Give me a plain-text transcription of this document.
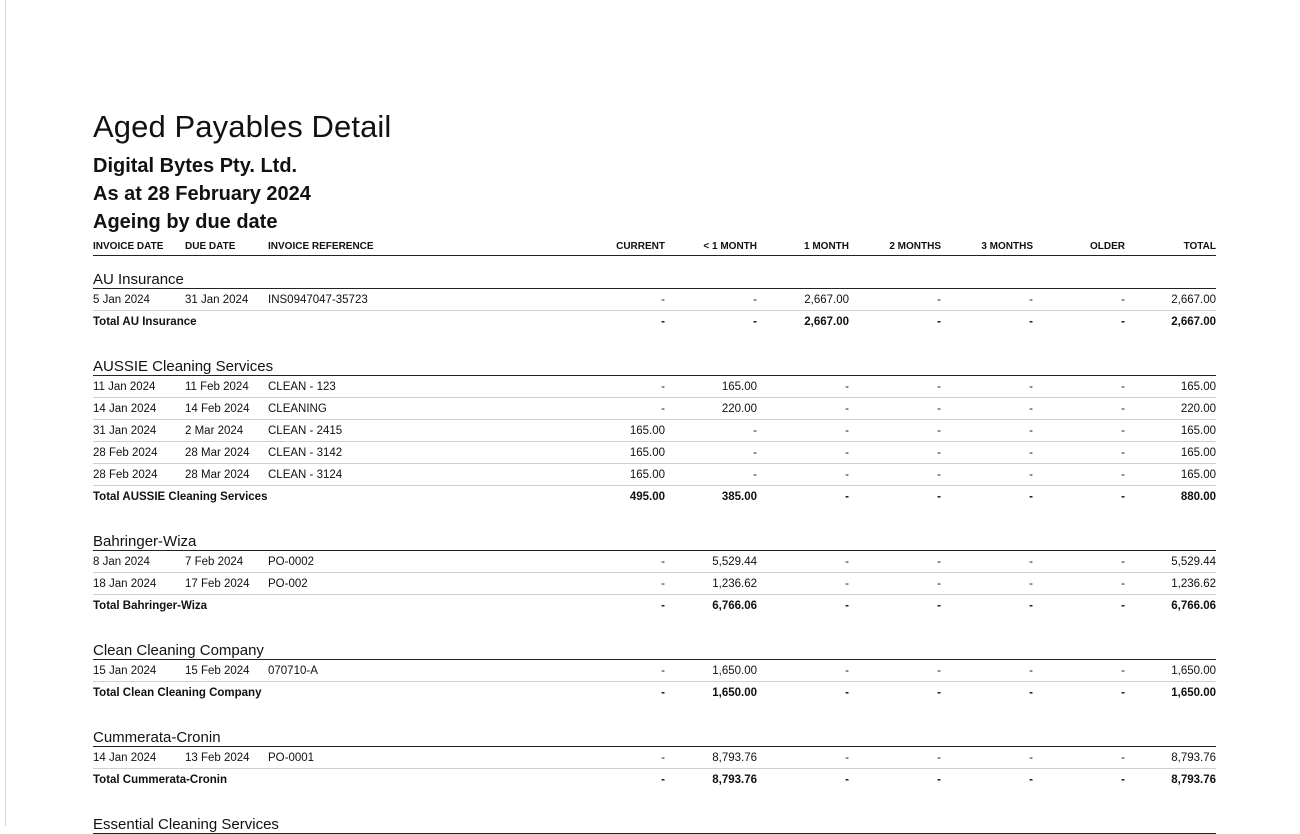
Aged Payables Detail
Digital Bytes Pty. Ltd.
As at 28 February 2024
Ageing by due date
INVOICE DATE	DUE DATE	INVOICE REFERENCE	CURRENT	< 1 MONTH	1 MONTH	2 MONTHS	3 MONTHS	OLDER	TOTAL
AU Insurance									
5 Jan 2024	31 Jan 2024	INS0947047-35723	-	-	2,667.00	-	-	-	2,667.00
Total AU Insurance			-	-	2,667.00	-	-	-	2,667.00

AUSSIE Cleaning Services									
11 Jan 2024	11 Feb 2024	CLEAN - 123	-	165.00	-	-	-	-	165.00
14 Jan 2024	14 Feb 2024	CLEANING	-	220.00	-	-	-	-	220.00
31 Jan 2024	2 Mar 2024	CLEAN - 2415	165.00	-	-	-	-	-	165.00
28 Feb 2024	28 Mar 2024	CLEAN - 3142	165.00	-	-	-	-	-	165.00
28 Feb 2024	28 Mar 2024	CLEAN - 3124	165.00	-	-	-	-	-	165.00
Total AUSSIE Cleaning Services			495.00	385.00	-	-	-	-	880.00

Bahringer-Wiza									
8 Jan 2024	7 Feb 2024	PO-0002	-	5,529.44	-	-	-	-	5,529.44
18 Jan 2024	17 Feb 2024	PO-002	-	1,236.62	-	-	-	-	1,236.62
Total Bahringer-Wiza			-	6,766.06	-	-	-	-	6,766.06

Clean Cleaning Company									
15 Jan 2024	15 Feb 2024	070710-A	-	1,650.00	-	-	-	-	1,650.00
Total Clean Cleaning Company			-	1,650.00	-	-	-	-	1,650.00

Cummerata-Cronin									
14 Jan 2024	13 Feb 2024	PO-0001	-	8,793.76	-	-	-	-	8,793.76
Total Cummerata-Cronin			-	8,793.76	-	-	-	-	8,793.76

Essential Cleaning Services									
